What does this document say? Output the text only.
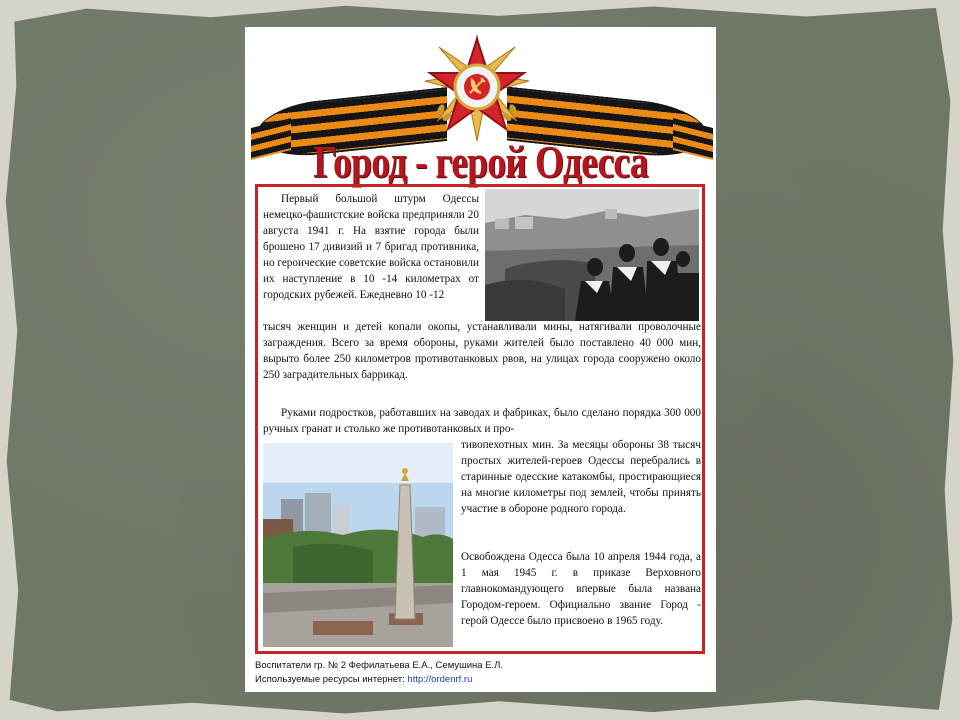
Город - герой Одесса
Первый большой штурм Одессы немецко-фашистские войска предприняли 20 августа 1941 г. На взятие города были брошено 17 дивизий и 7 бригад противника, но героические советские войска остановили их наступление в 10 -14 километрах от городских рубежей. Ежедневно 10 -12
тысяч женщин и детей копали окопы, устанавливали мины, натягивали проволочные заграждения. Всего за время обороны, руками жителей было поставлено 40 000 мин, вырыто более 250 километров противотанковых рвов, на улицах города сооружено около 250 заградительных баррикад.
Руками подростков, работавших на заводах и фабриках, было сделано порядка 300 000 ручных гранат и столько же противотанковых и про-
тивопехотных мин. За месяцы обороны 38 тысяч простых жителей-героев Одессы перебрались в старинные одесские катакомбы, простирающиеся на многие километры под землей, чтобы принять участие в обороне родного города.
Освобождена Одесса была 10 апреля 1944 года, а 1 мая 1945 г. в приказе Верховного главнокомандующего впервые была названа Городом-героем. Официально звание Город - герой Одессе было присвоено в 1965 году.
Воспитатели гр. № 2 Фефилатьева Е.А., Семушина Е.Л.
Используемые ресурсы интернет: http://ordenrf.ru
